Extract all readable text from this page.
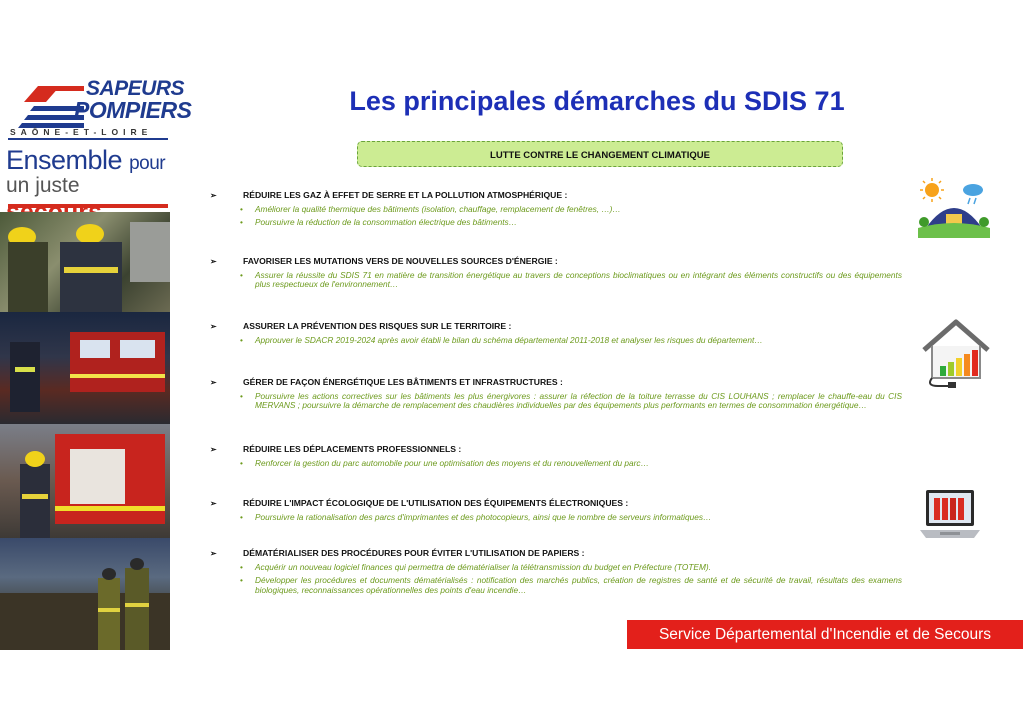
SAPEURS
POMPIERS
SAÔNE-ET-LOIRE
Ensemble pour
un juste
Les principales démarches du SDIS 71
LUTTE CONTRE LE CHANGEMENT CLIMATIQUE
➢	RÉDUIRE LES GAZ À EFFET DE SERRE ET LA POLLUTION ATMOSPHÉRIQUE :
• Améliorer la qualité thermique des bâtiments (isolation, chauffage, remplacement de fenêtres, …)…
• Poursuivre la réduction de la consommation électrique des bâtiments…
➢	FAVORISER LES MUTATIONS VERS DE NOUVELLES SOURCES D'ÉNERGIE :
• Assurer la réussite du SDIS 71 en matière de transition énergétique au travers de conceptions bioclimatiques ou en intégrant des éléments constructifs ou des équipements plus respectueux de l'environnement…
➢	ASSURER LA PRÉVENTION DES RISQUES SUR LE TERRITOIRE :
• Approuver le SDACR 2019-2024 après avoir établi le bilan du schéma départemental 2011-2018 et analyser les risques du département…
➢	GÉRER DE FAÇON ÉNERGÉTIQUE LES BÂTIMENTS ET INFRASTRUCTURES :
• Poursuivre les actions correctives sur les bâtiments les plus énergivores : assurer la réfection de la toiture terrasse du CIS LOUHANS ; remplacer le chauffe-eau du CIS MERVANS ; poursuivre la démarche de remplacement des chaudières individuelles par des équipements plus performants en termes de consommation énergétique…
➢	RÉDUIRE LES DÉPLACEMENTS PROFESSIONNELS :
• Renforcer la gestion du parc automobile pour une optimisation des moyens et du renouvellement du parc…
➢	RÉDUIRE L'IMPACT ÉCOLOGIQUE DE L'UTILISATION DES ÉQUIPEMENTS ÉLECTRONIQUES :
• Poursuivre la rationalisation des parcs d'imprimantes et des photocopieurs, ainsi que le nombre de serveurs informatiques…
➢	DÉMATÉRIALISER DES PROCÉDURES POUR ÉVITER L'UTILISATION DE PAPIERS :
• Acquérir un nouveau logiciel finances qui permettra de dématérialiser la télétransmission du budget en Préfecture (TOTEM).
• Développer les procédures et documents dématérialisés : notification des marchés publics, création de registres de santé et de sécurité de travail, résultats des examens biologiques, reconnaissances opérationnelles des points d'eau incendie…
Service Départemental d'Incendie et de Secours
